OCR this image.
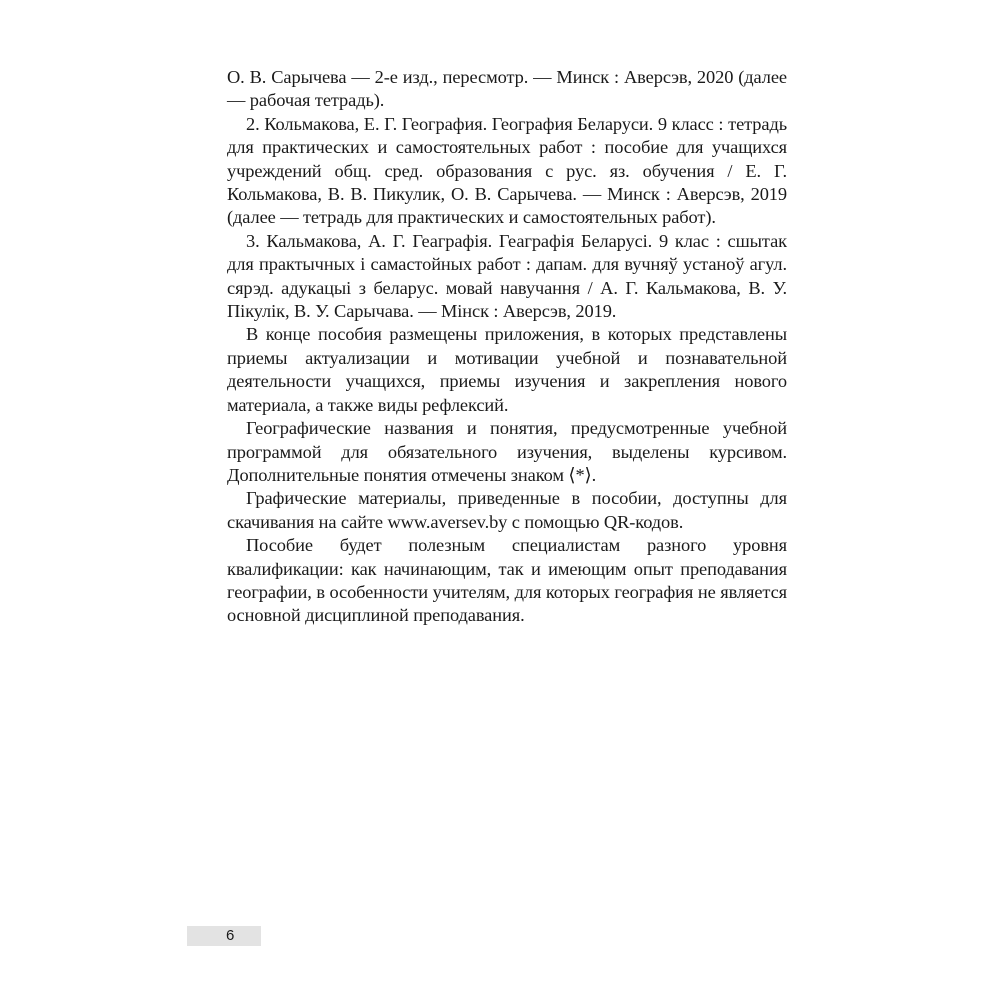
О. В. Сарычева — 2-е изд., пересмотр. — Минск : Аверсэв, 2020 (далее — рабочая тетрадь).

2. Кольмакова, Е. Г. География. География Беларуси. 9 класс : тетрадь для практических и самостоятельных работ : пособие для учащихся учреждений общ. сред. образования с рус. яз. обучения / Е. Г. Кольмакова, В. В. Пикулик, О. В. Сарычева. — Минск : Аверсэв, 2019 (далее — тетрадь для практических и самостоятельных работ).

3. Кальмакова, А. Г. Геаграфія. Геаграфія Беларусі. 9 клас : сшытак для практычных і самастойных работ : дапам. для вучняў устаноў агул. сярэд. адукацыі з беларус. мовай навучання / А. Г. Кальмакова, В. У. Пікулік, В. У. Сарычава. — Мінск : Аверсэв, 2019.

В конце пособия размещены приложения, в которых представлены приемы актуализации и мотивации учебной и познавательной деятельности учащихся, приемы изучения и закрепления нового материала, а также виды рефлексий.

Географические названия и понятия, предусмотренные учебной программой для обязательного изучения, выделены курсивом. Дополнительные понятия отмечены знаком ⟨*⟩.

Графические материалы, приведенные в пособии, доступны для скачивания на сайте www.aversev.by с помощью QR-кодов.

Пособие будет полезным специалистам разного уровня квалификации: как начинающим, так и имеющим опыт преподавания географии, в особенности учителям, для которых география не является основной дисциплиной преподавания.

6
